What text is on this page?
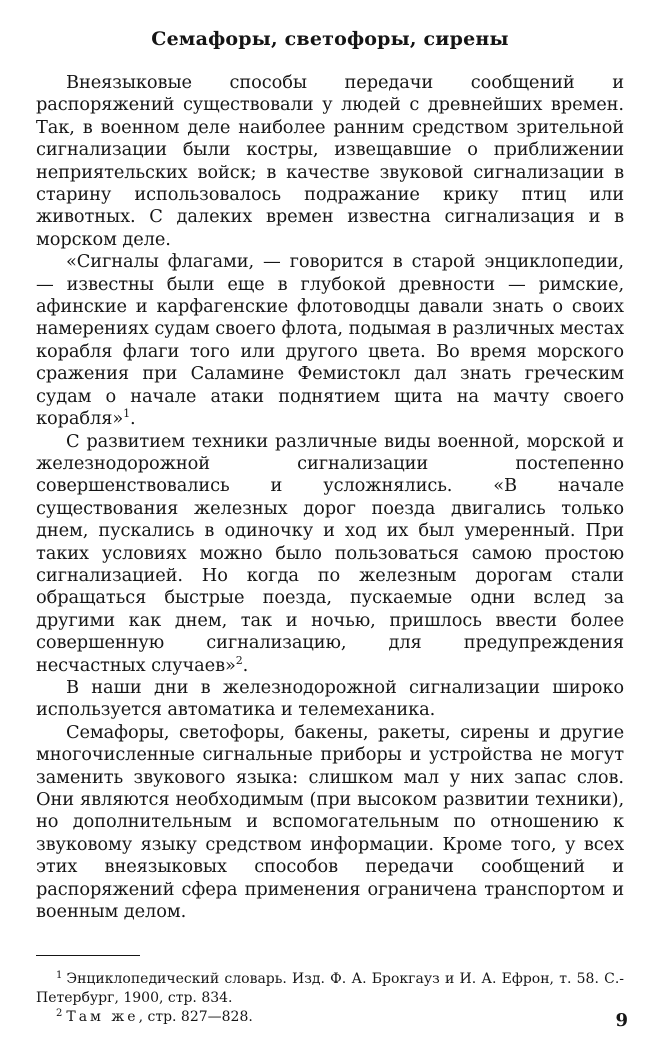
Семафоры, светофоры, сирены

Внеязыковые способы передачи сообщений и распоряжений существовали у людей с древнейших времен. Так, в военном деле наиболее ранним средством зрительной сигнализации были костры, извещавшие о приближении неприятельских войск; в качестве звуковой сигнализации в старину использовалось подражание крику птиц или животных. С далеких времен известна сигнализация и в морском деле.

«Сигналы флагами, — говорится в старой энциклопедии, — известны были еще в глубокой древности — римские, афинские и карфагенские флотоводцы давали знать о своих намерениях судам своего флота, подымая в различных местах корабля флаги того или другого цвета. Во время морского сражения при Саламине Фемистокл дал знать греческим судам о начале атаки поднятием щита на мачту своего корабля»$^1$.

С развитием техники различные виды военной, морской и железнодорожной сигнализации постепенно совершенствовались и усложнялись. «В начале существования железных дорог поезда двигались только днем, пускались в одиночку и ход их был умеренный. При таких условиях можно было пользоваться самою простою сигнализацией. Но когда по железным дорогам стали обращаться быстрые поезда, пускаемые одни вслед за другими как днем, так и ночью, пришлось ввести более совершенную сигнализацию, для предупреждения несчастных случаев»$^2$.

В наши дни в железнодорожной сигнализации широко используется автоматика и телемеханика.

Семафоры, светофоры, бакены, ракеты, сирены и другие многочисленные сигнальные приборы и устройства не могут заменить звукового языка: слишком мал у них запас слов. Они являются необходимым (при высоком развитии техники), но дополнительным и вспомогательным по отношению к звуковому языку средством информации. Кроме того, у всех этих внеязыковых способов передачи сообщений и распоряжений сфера применения ограничена транспортом и военным делом.

$^1$ Энциклопедический словарь. Изд. Ф. А. Брокгауз и И. А. Ефрон, т. 58. С.-Петербург, 1900, стр. 834.

$^2$ Там же, стр. 827—828.	9
